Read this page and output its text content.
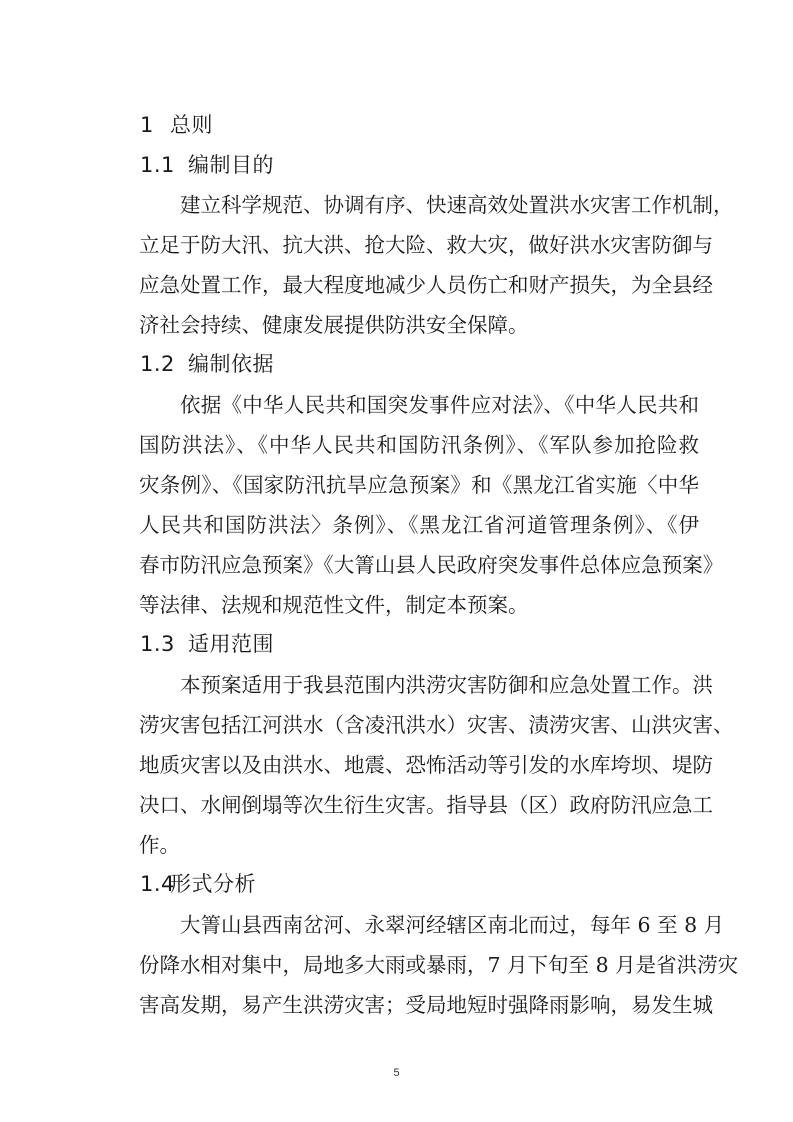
1 总则
1.1 编制目的
建立科学规范、协调有序、快速高效处置洪水灾害工作机制，
立足于防大汛、抗大洪、抢大险、救大灾，做好洪水灾害防御与
应急处置工作，最大程度地减少人员伤亡和财产损失，为全县经
济社会持续、健康发展提供防洪安全保障。
1.2 编制依据
依据《中华人民共和国突发事件应对法》、《中华人民共和
国防洪法》、《中华人民共和国防汛条例》、《军队参加抢险救
灾条例》、《国家防汛抗旱应急预案》和《黑龙江省实施〈中华
人民共和国防洪法〉条例》、《黑龙江省河道管理条例》、《伊
春市防汛应急预案》《大箐山县人民政府突发事件总体应急预案》
等法律、法规和规范性文件，制定本预案。
1.3 适用范围
本预案适用于我县范围内洪涝灾害防御和应急处置工作。洪
涝灾害包括江河洪水（含凌汛洪水）灾害、渍涝灾害、山洪灾害、
地质灾害以及由洪水、地震、恐怖活动等引发的水库垮坝、堤防
决口、水闸倒塌等次生衍生灾害。指导县（区）政府防汛应急工
作。
1.4形式分析
大箐山县西南岔河、永翠河经辖区南北而过，每年 6 至 8 月
份降水相对集中，局地多大雨或暴雨，7 月下旬至 8 月是省洪涝灾
害高发期，易产生洪涝灾害；受局地短时强降雨影响，易发生城
5
